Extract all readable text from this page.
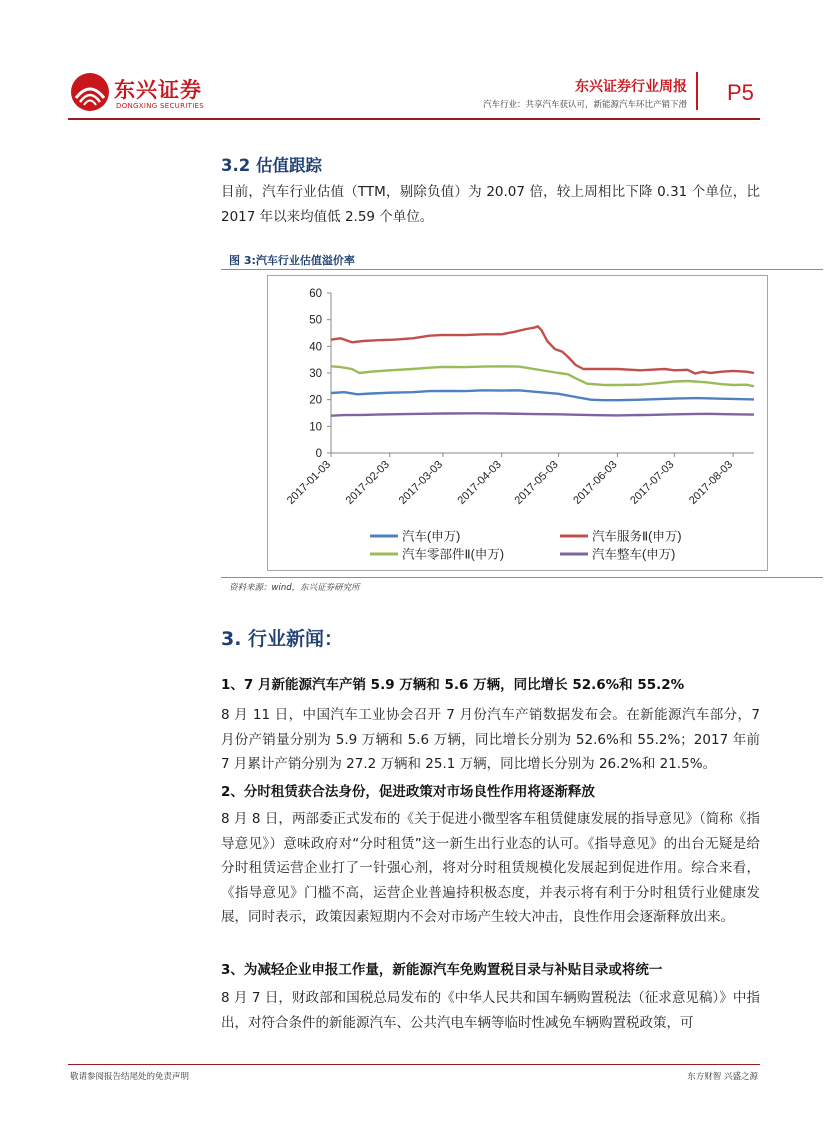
东兴证券
DONGXING SECURITIES
东兴证券行业周报
汽车行业：共享汽车获认可，新能源汽车环比产销下滑 P5
3.2 估值跟踪
目前，汽车行业估值（TTM，剔除负值）为 20.07 倍，较上周相比下降 0.31 个单位，比 2017 年以来均值低 2.59 个单位。
图 3:汽车行业估值溢价率
0
10
20
30
40
50
60
2017-01-03 2017-02-03 2017-03-03 2017-04-03 2017-05-03 2017-06-03 2017-07-03 2017-08-03
汽车(申万)	汽车服务Ⅱ(申万)
汽车零部件Ⅱ(申万)	汽车整车(申万)
资料来源：wind，东兴证券研究所
3. 行业新闻：
1、7 月新能源汽车产销 5.9 万辆和 5.6 万辆，同比增长 52.6%和 55.2%
8 月 11 日，中国汽车工业协会召开 7 月份汽车产销数据发布会。在新能源汽车部分，7 月份产销量分别为 5.9 万辆和 5.6 万辆，同比增长分别为 52.6%和 55.2%；2017 年前 7 月累计产销分别为 27.2 万辆和 25.1 万辆，同比增长分别为 26.2%和 21.5%。
2、分时租赁获合法身份，促进政策对市场良性作用将逐渐释放
8 月 8 日，两部委正式发布的《关于促进小微型客车租赁健康发展的指导意见》（简称《指导意见》）意味政府对“分时租赁”这一新生出行业态的认可。《指导意见》的出台无疑是给分时租赁运营企业打了一针强心剂，将对分时租赁规模化发展起到促进作用。综合来看，《指导意见》门槛不高，运营企业普遍持积极态度，并表示将有利于分时租赁行业健康发展，同时表示，政策因素短期内不会对市场产生较大冲击，良性作用会逐渐释放出来。
3、为减轻企业申报工作量，新能源汽车免购置税目录与补贴目录或将统一
8 月 7 日，财政部和国税总局发布的《中华人民共和国车辆购置税法（征求意见稿）》中指出，对符合条件的新能源汽车、公共汽电车辆等临时性减免车辆购置税政策，可
敬请参阅报告结尾处的免责声明	东方财智 兴盛之源
